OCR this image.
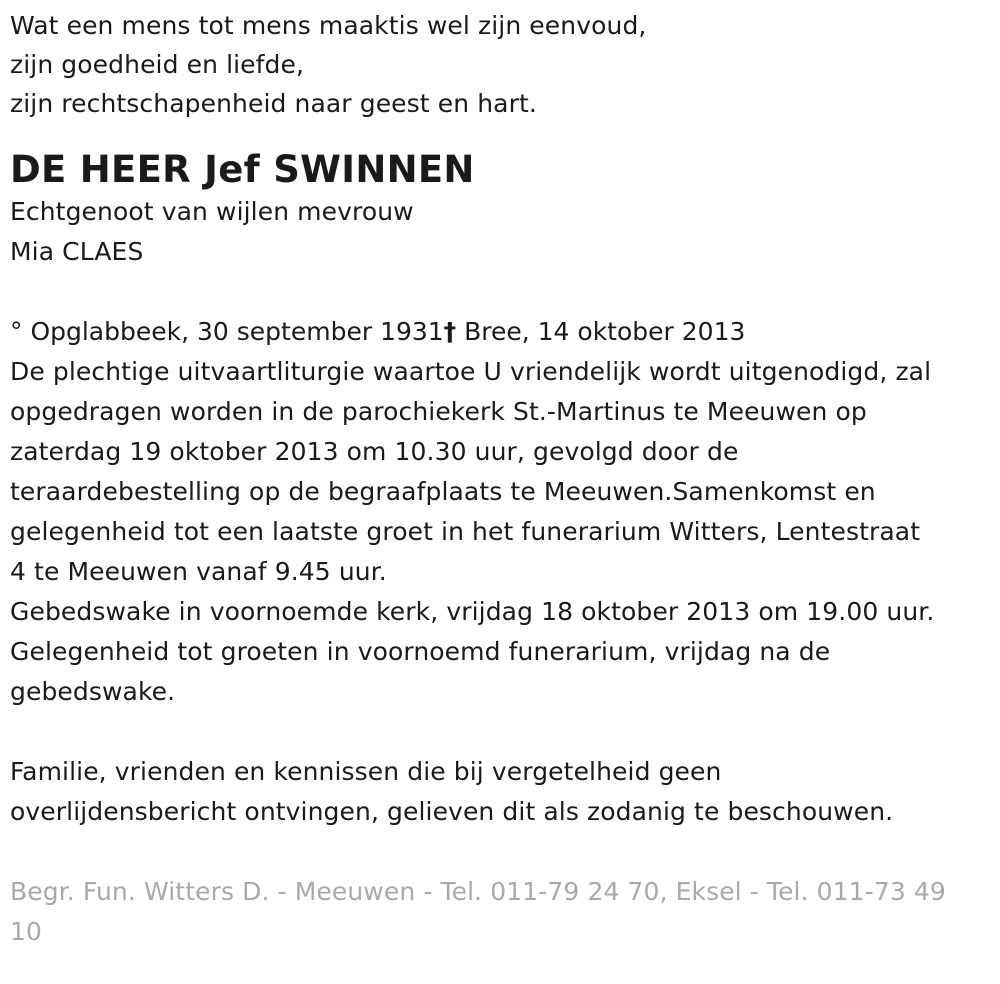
Wat een mens tot mens maaktis wel zijn eenvoud,

zijn goedheid en liefde,

zijn rechtschapenheid naar geest en hart.

DE HEER Jef SWINNEN

Echtgenoot van wijlen mevrouw

Mia CLAES

° Opglabbeek, 30 september 1931† Bree, 14 oktober 2013

De plechtige uitvaartliturgie waartoe U vriendelijk wordt uitgenodigd, zal

opgedragen worden in de parochiekerk St.-Martinus te Meeuwen op

zaterdag 19 oktober 2013 om 10.30 uur, gevolgd door de

teraardebestelling op de begraafplaats te Meeuwen.Samenkomst en

gelegenheid tot een laatste groet in het funerarium Witters, Lentestraat

4 te Meeuwen vanaf 9.45 uur.

Gebedswake in voornoemde kerk, vrijdag 18 oktober 2013 om 19.00 uur.

Gelegenheid tot groeten in voornoemd funerarium, vrijdag na de

gebedswake.

Familie, vrienden en kennissen die bij vergetelheid geen

overlijdensbericht ontvingen, gelieven dit als zodanig te beschouwen.

Begr. Fun. Witters D. - Meeuwen - Tel. 011-79 24 70, Eksel - Tel. 011-73 49

10
